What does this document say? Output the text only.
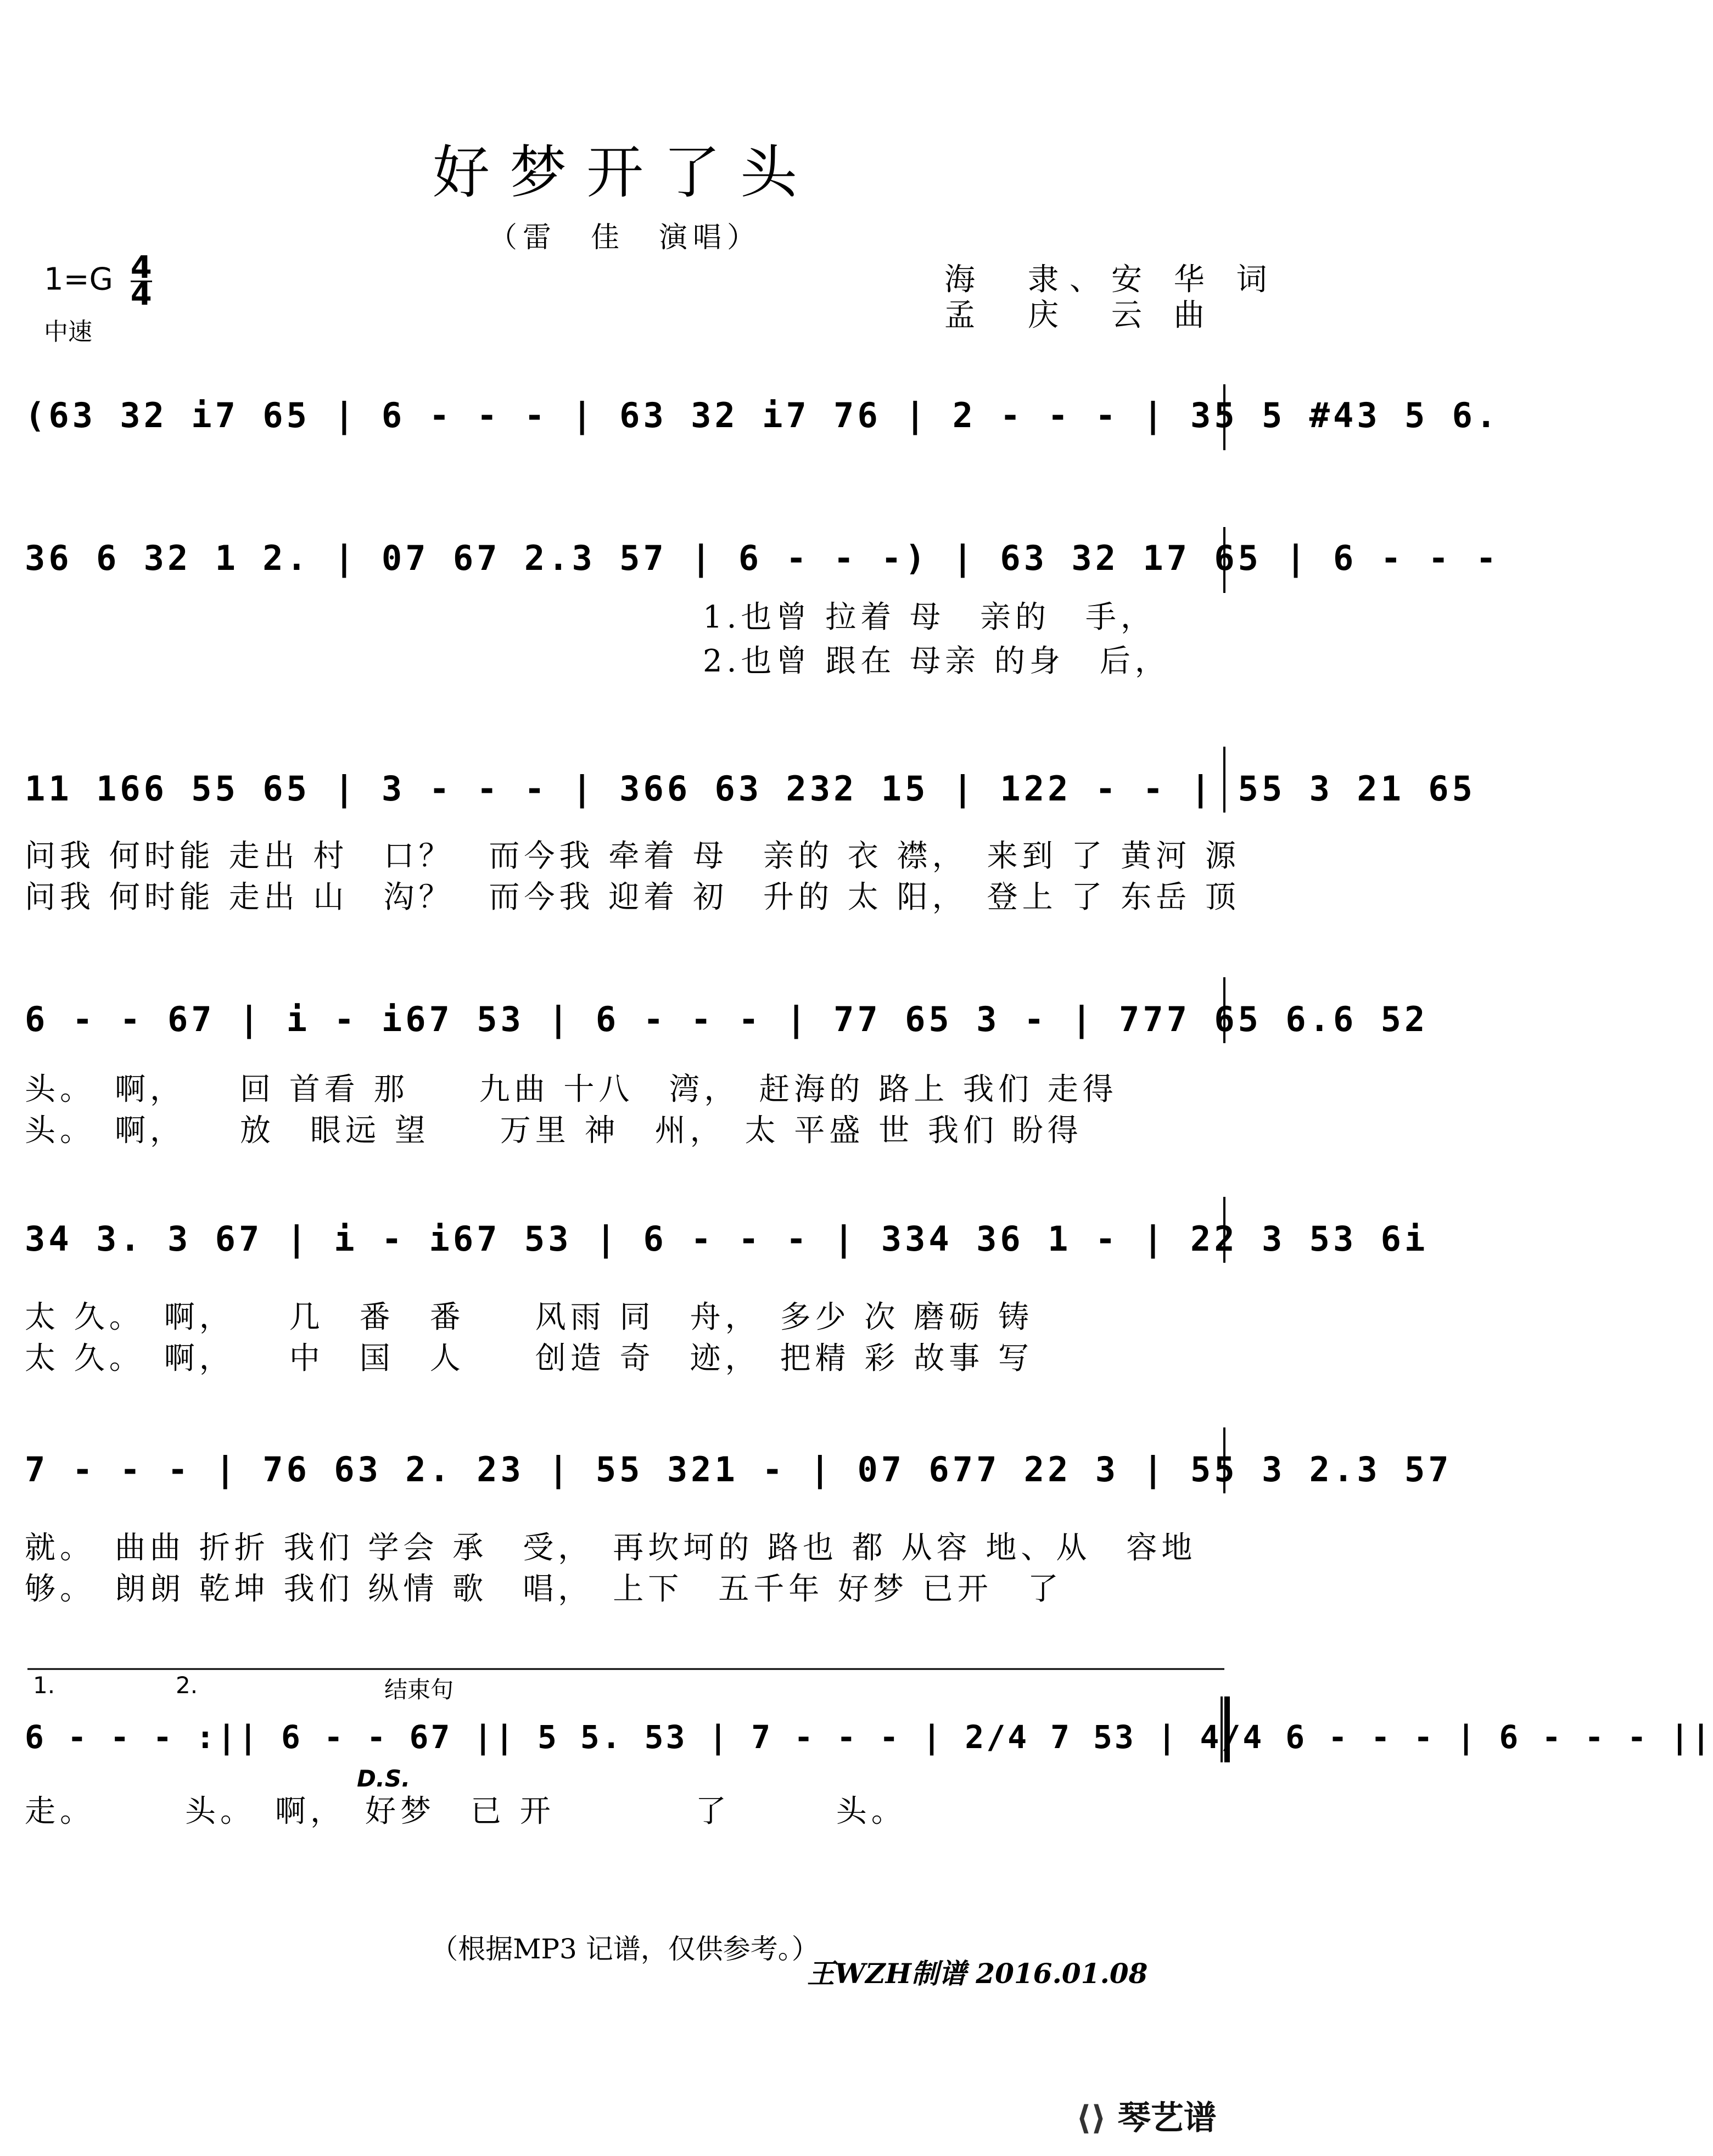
好梦开了头
（雷　佳　演唱）
$1=G \frac{4}{4}$
中速
海　隶、安 华 词
孟　庆　云 曲
(63 32 i7 65 | 6 - - - | 63 32 i7 76 | 2 - - - | 35 5 #43 5 6.
36 6 32 1 2. | 07 67 2.3 57 | 6 - - -) | 63 32 17 65 | 6 - - -
1.也曾 拉着 母　亲的　手，
2.也曾 跟在 母亲 的身　后，
11 166 55 65 | 3 - - - | 366 63 232 15 | 122 - - | 55 3 21 65
问我 何时能 走出 村　口？　而今我 牵着 母　亲的 衣 襟，　来到 了 黄河 源
问我 何时能 走出 山　沟？　而今我 迎着 初　升的 太 阳，　登上 了 东岳 顶
6 - - 67 | i - i67 53 | 6 - - - | 77 65 3 - | 777 65 6.6 52
头。　啊，　　回 首看 那　　九曲 十八　湾，　赶海的 路上 我们 走得
头。　啊，　　放　眼远 望　　万里 神　州，　太 平盛 世 我们 盼得
34 3. 3 67 | i - i67 53 | 6 - - - | 334 36 1 - | 22 3 53 6i
太 久。　啊，　　几　番　番　　风雨 同　舟，　多少 次 磨砺 铸
太 久。　啊，　　中　国　人　　创造 奇　迹，　把精 彩 故事 写
7 - - - | 76 63 2. 23 | 55 321 - | 07 677 22 3 | 55 3 2.3 57
就。　曲曲 折折 我们 学会 承　受，　再坎坷的 路也 都 从容 地、从　容地
够。　朗朗 乾坤 我们 纵情 歌　唱，　上下　五千年 好梦 已开　了
1.	2.	结束句
6 - - - :|| 6 - - 67 || 5 5. 53 | 7 - - - | 2/4 7 53 | 4/4 6 - - - | 6 - - - ||
D.S.
走。　　　头。　啊，　好梦　已 开　　　　了　　　头。
（根据MP3 记谱，仅供参考。）
王WZH制谱 2016.01.08
⟨⟩ 琴艺谱
